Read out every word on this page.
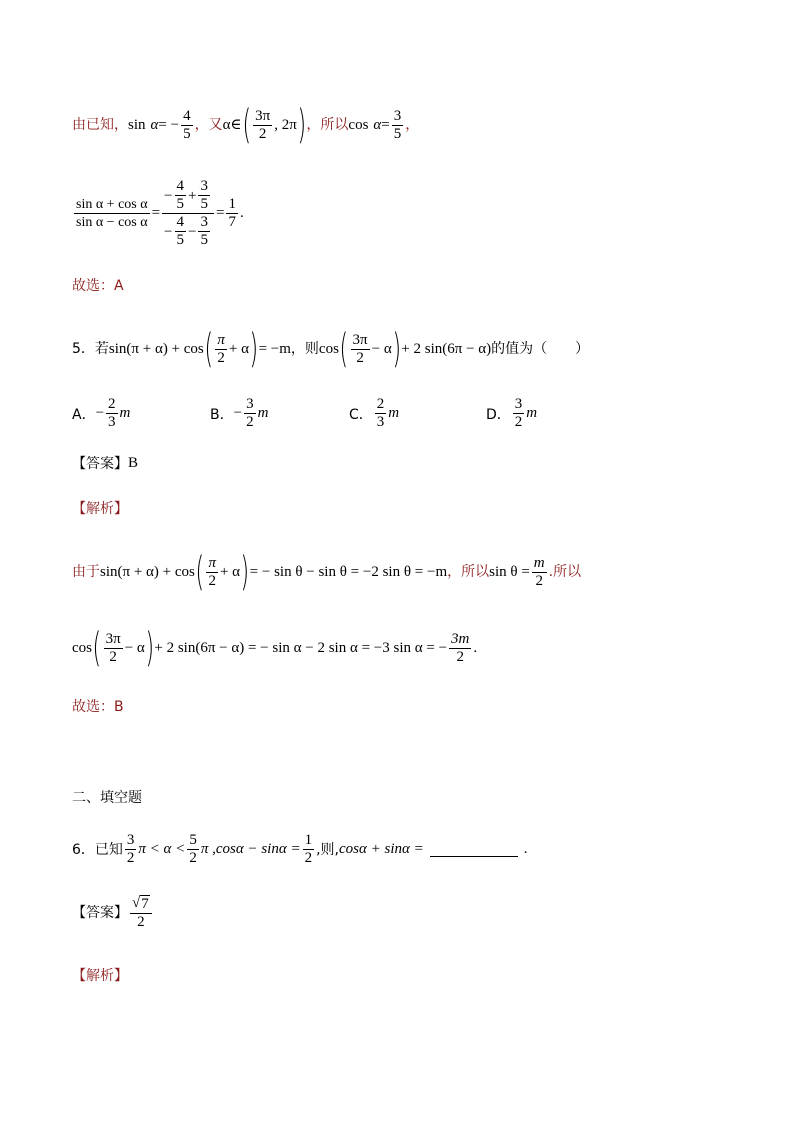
由已知， sin α = − $\frac{4}{5}$ ，又 α∈ ( $\frac{3\pi}{2}$ , 2π ) ，所以 $\cos \alpha = \frac{3}{5}$ ，
$\frac{\text{sin α + cos α}}{\text{sin α − cos α}} = \frac{- \frac{4}{5} + \frac{3}{5}}{- \frac{4}{5} - \frac{3}{5}} = \frac{1}{7}$ .
故选：A
5．若 sin(π + α) + cos ( $\frac{\pi}{2} + \alpha$ ) = −m ，则 cos ( $\frac{3\pi}{2} - \alpha$ ) + 2 sin(6π − α) 的值为（　　）
A． − $\frac{2}{3}$ m	B． − $\frac{3}{2}$ m	C． $\frac{2}{3}$ m	D． $\frac{3}{2}$ m
【答案】 B
【解析】
由于 sin(π + α) + cos ( $\frac{\pi}{2} + \alpha$ ) = − sin θ − sin θ = −2 sin θ = −m ，所以 $\sin \theta = \frac{m}{2}$ .所以
cos ( $\frac{3\pi}{2} - \alpha$ ) + 2 sin(6π − α) = − sin α − 2 sin α = −3 sin α = − $\frac{3m}{2}$ .
故选：B
二、填空题
6．已知 $\frac{3}{2}$ $\pi < \alpha < \frac{5}{2}$ π , $\cos\alpha - \sin\alpha = \frac{1}{2}$ ,则, cosα + sinα =	.
【答案】 $\frac{√ 7}{2}$
【解析】
